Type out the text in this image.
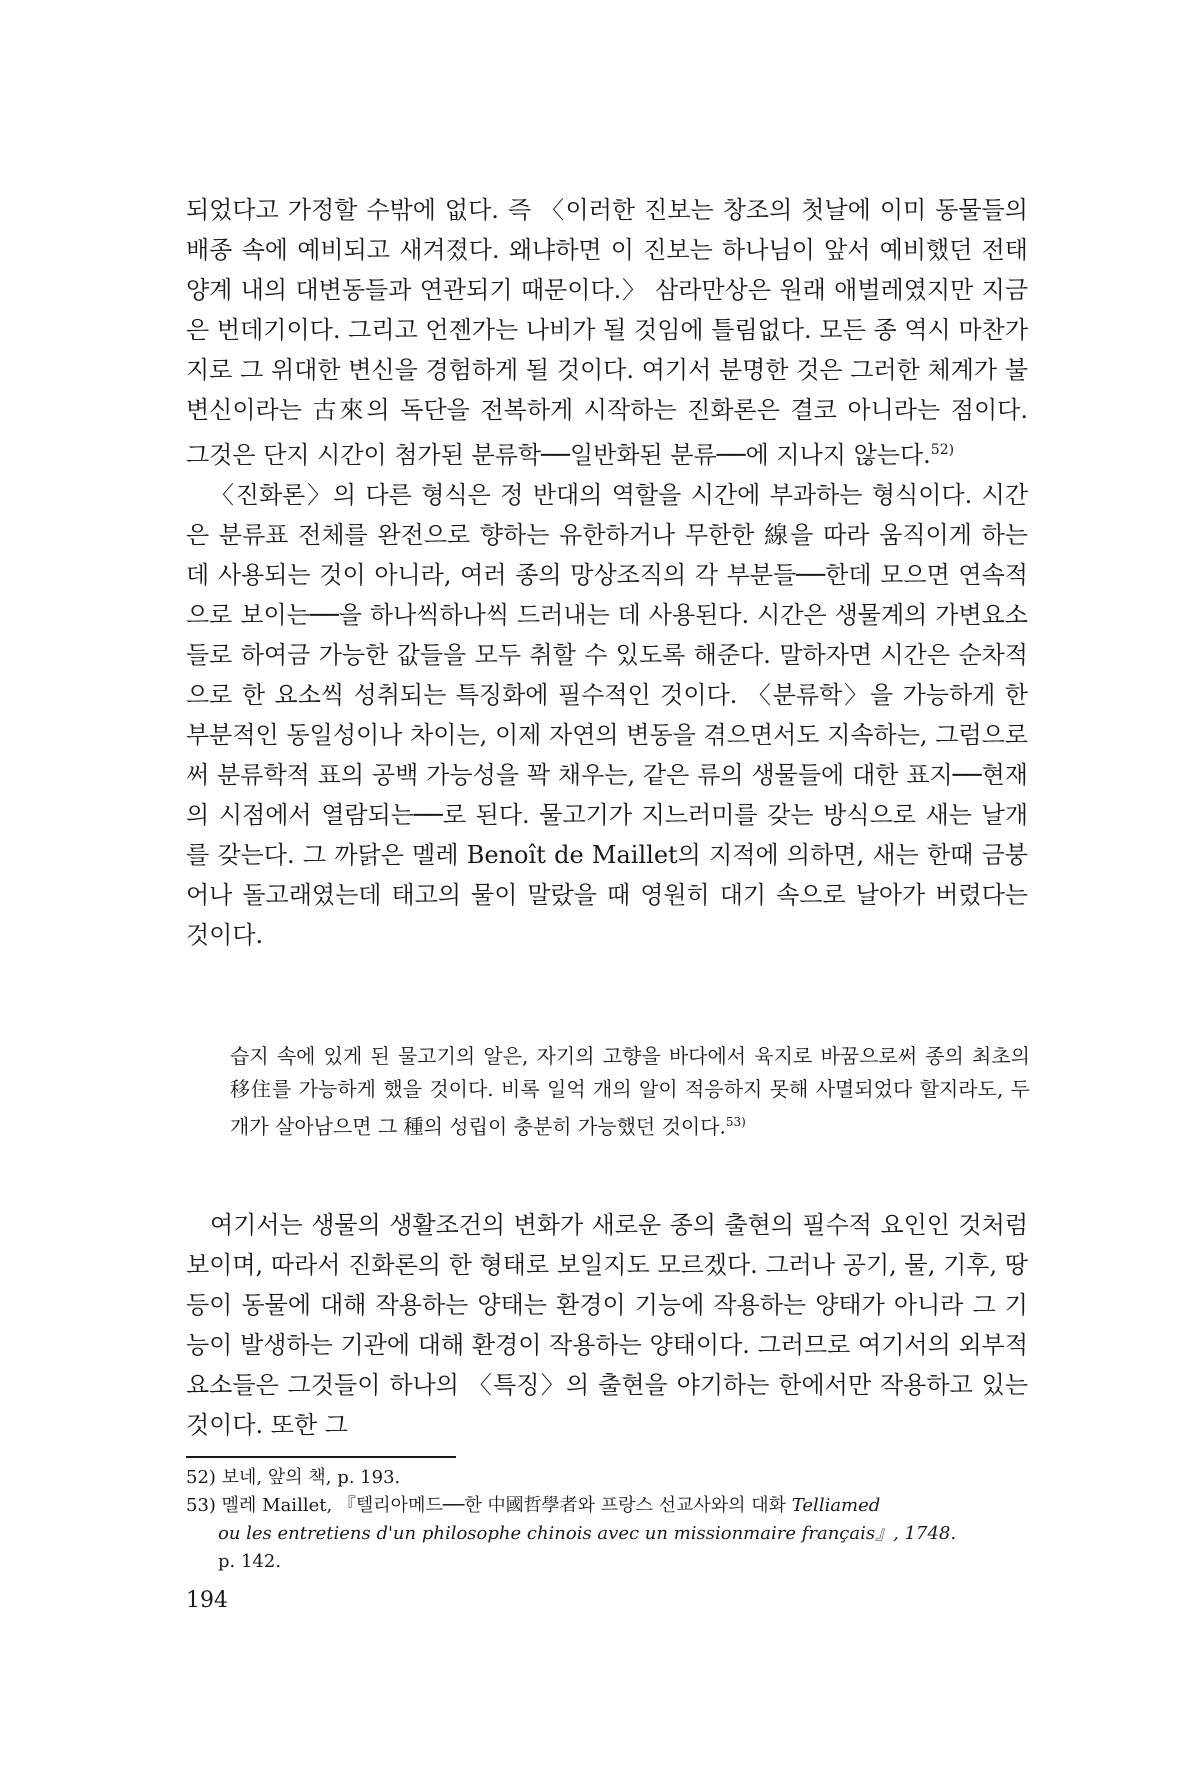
되었다고 가정할 수밖에 없다. 즉 〈이러한 진보는 창조의 첫날에 이미 동물들의 배종 속에 예비되고 새겨졌다. 왜냐하면 이 진보는 하나님이 앞서 예비했던 전태양계 내의 대변동들과 연관되기 때문이다.〉 삼라만상은 원래 애벌레였지만 지금은 번데기이다. 그리고 언젠가는 나비가 될 것임에 틀림없다. 모든 종 역시 마찬가지로 그 위대한 변신을 경험하게 될 것이다. 여기서 분명한 것은 그러한 체계가 불변신이라는 古來의 독단을 전복하게 시작하는 진화론은 결코 아니라는 점이다. 그것은 단지 시간이 첨가된 분류학──일반화된 분류──에 지나지 않는다.$^{52)}$

〈진화론〉의 다른 형식은 정 반대의 역할을 시간에 부과하는 형식이다. 시간은 분류표 전체를 완전으로 향하는 유한하거나 무한한 線을 따라 움직이게 하는 데 사용되는 것이 아니라, 여러 종의 망상조직의 각 부분들──한데 모으면 연속적으로 보이는──을 하나씩하나씩 드러내는 데 사용된다. 시간은 생물계의 가변요소들로 하여금 가능한 값들을 모두 취할 수 있도록 해준다. 말하자면 시간은 순차적으로 한 요소씩 성취되는 특징화에 필수적인 것이다. 〈분류학〉을 가능하게 한 부분적인 동일성이나 차이는, 이제 자연의 변동을 겪으면서도 지속하는, 그럼으로써 분류학적 표의 공백 가능성을 꽉 채우는, 같은 류의 생물들에 대한 표지──현재의 시점에서 열람되는──로 된다. 물고기가 지느러미를 갖는 방식으로 새는 날개를 갖는다. 그 까닭은 멜레 Benoît de Maillet의 지적에 의하면, 새는 한때 금붕어나 돌고래였는데 태고의 물이 말랐을 때 영원히 대기 속으로 날아가 버렸다는 것이다.

습지 속에 있게 된 물고기의 알은, 자기의 고향을 바다에서 육지로 바꿈으로써 종의 최초의 移住를 가능하게 했을 것이다. 비록 일억 개의 알이 적응하지 못해 사멸되었다 할지라도, 두 개가 살아남으면 그 種의 성립이 충분히 가능했던 것이다.$^{53)}$

여기서는 생물의 생활조건의 변화가 새로운 종의 출현의 필수적 요인인 것처럼 보이며, 따라서 진화론의 한 형태로 보일지도 모르겠다. 그러나 공기, 물, 기후, 땅 등이 동물에 대해 작용하는 양태는 환경이 기능에 작용하는 양태가 아니라 그 기능이 발생하는 기관에 대해 환경이 작용하는 양태이다. 그러므로 여기서의 외부적 요소들은 그것들이 하나의 〈특징〉의 출현을 야기하는 한에서만 작용하고 있는 것이다. 또한 그

52) 보네, 앞의 책, p. 193.

53) 멜레 Maillet, 『텔리아메드──한 中國哲學者와 프랑스 선교사와의 대화 Telliamed
ou les entretiens d'un philosophe chinois avec un missionmaire français』, 1748.
p. 142.

194
